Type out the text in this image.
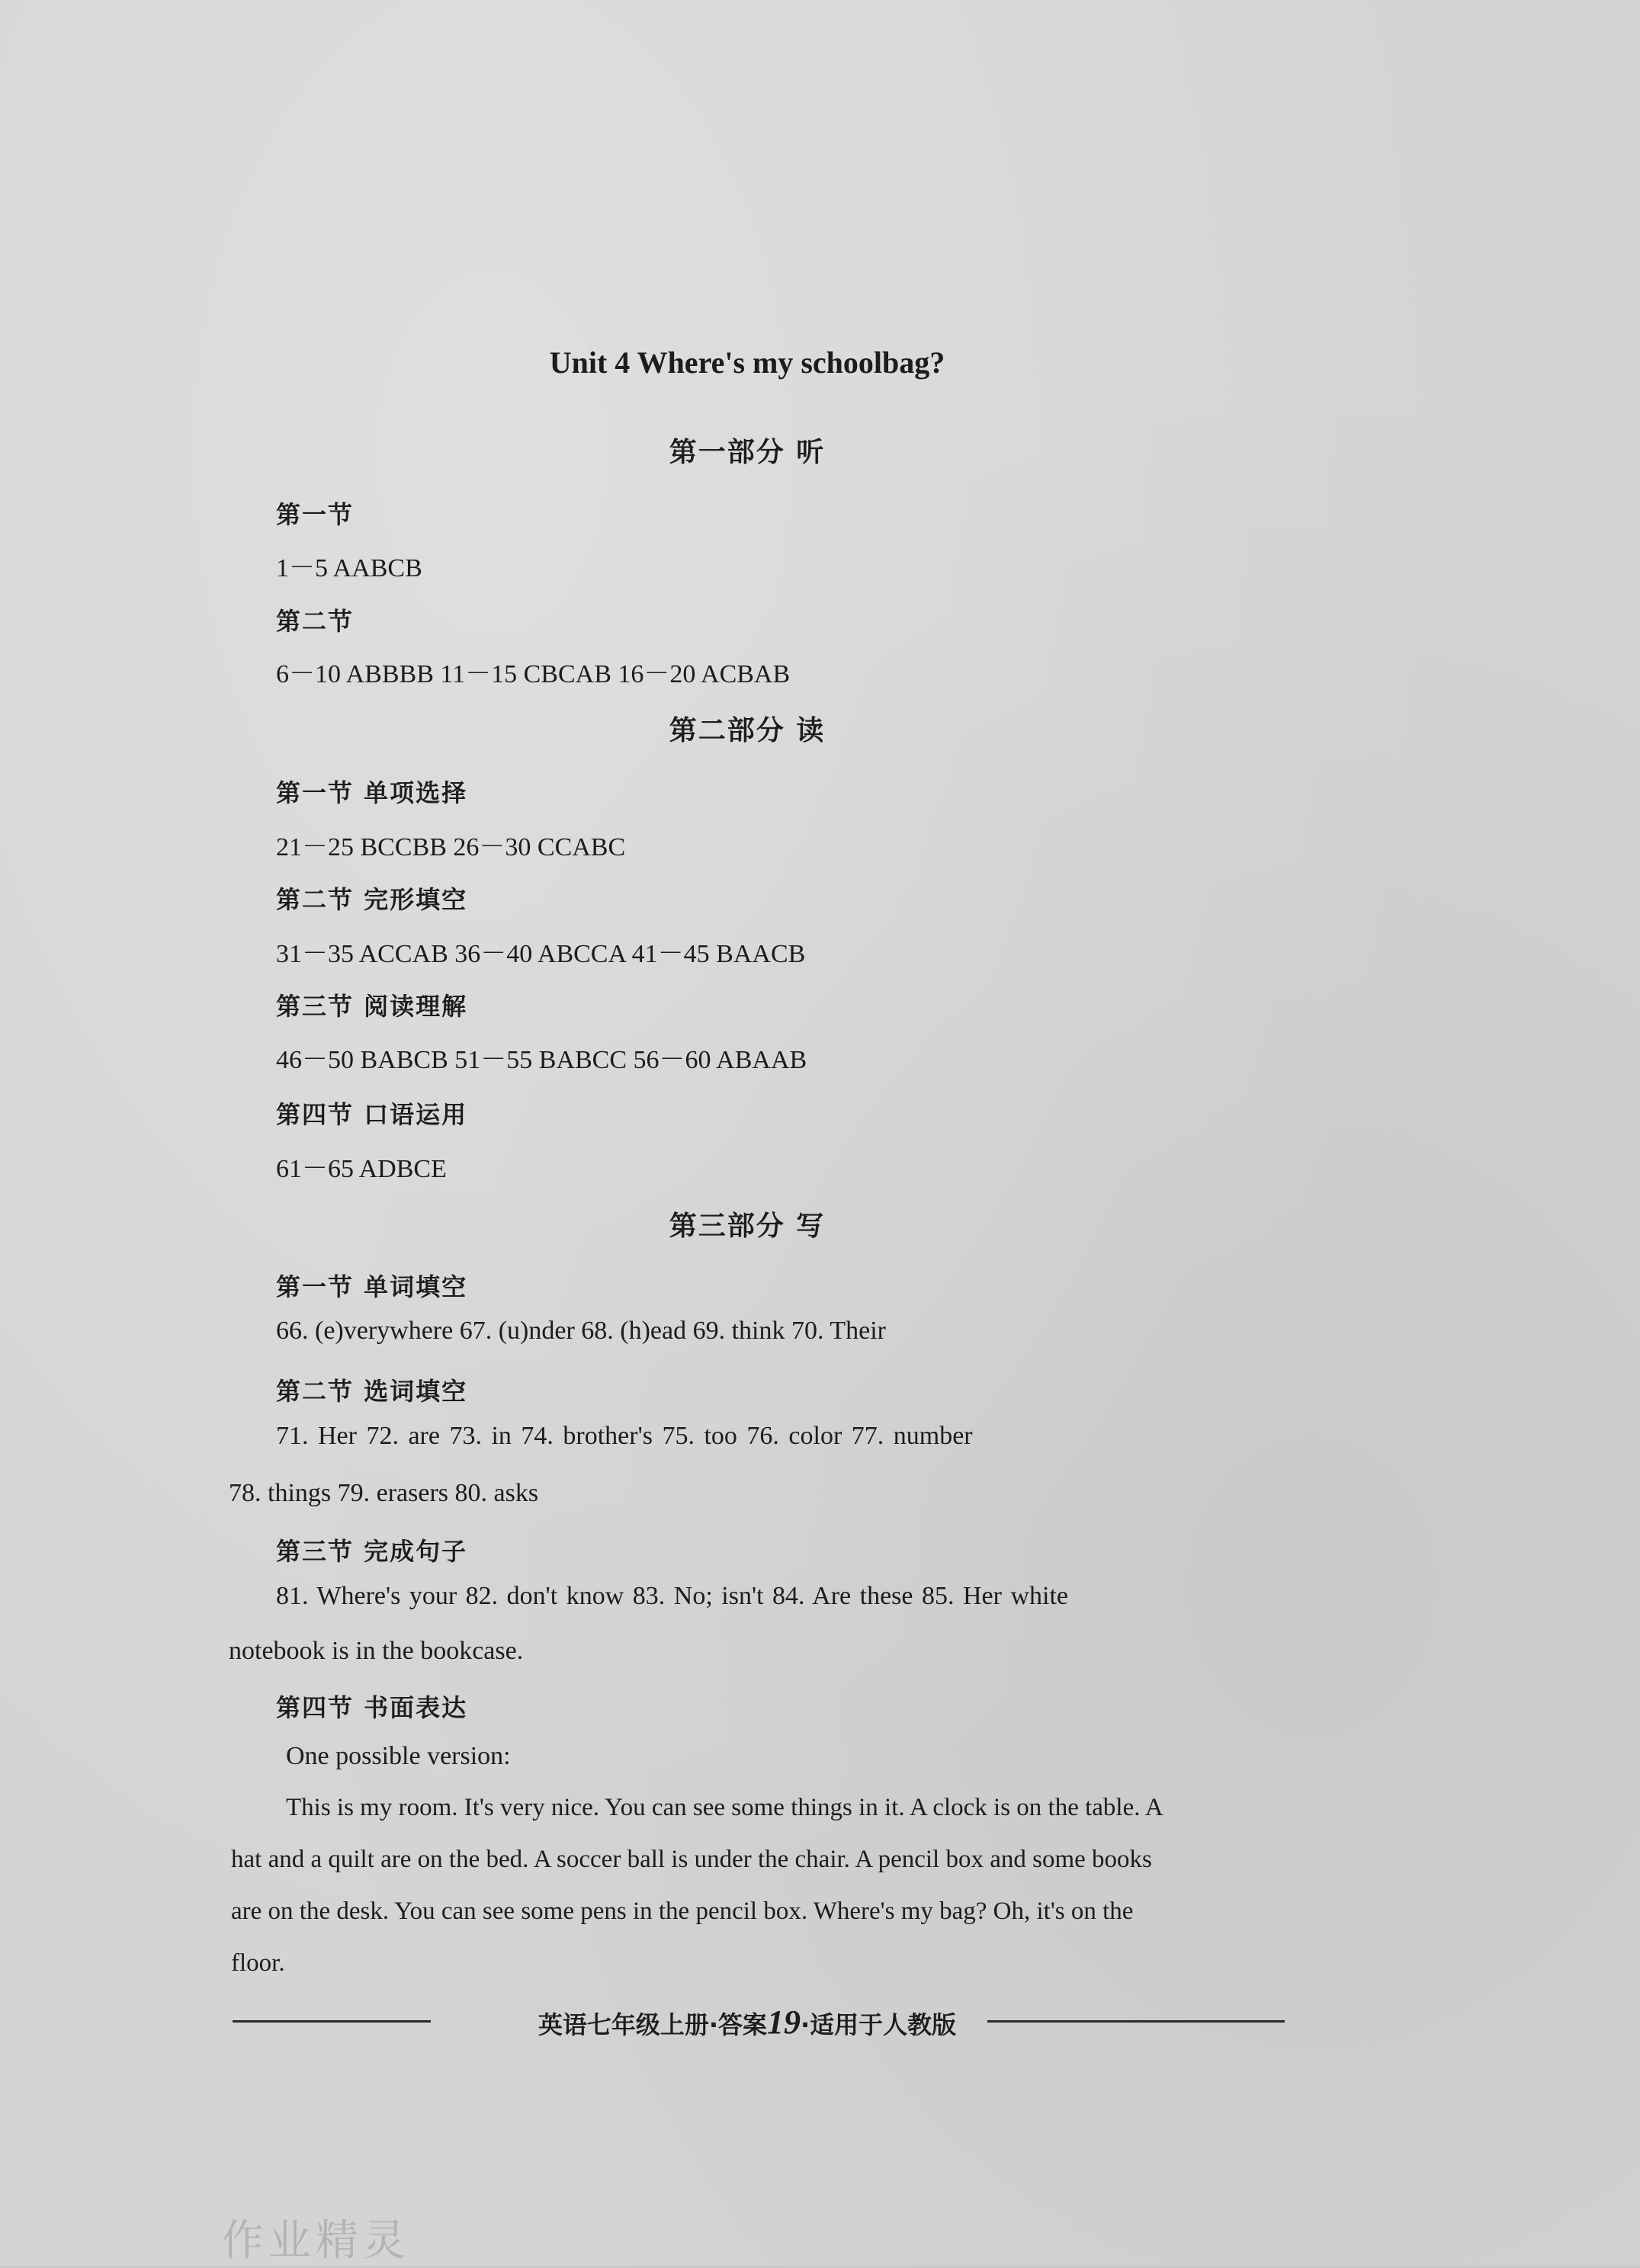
Unit 4 Where's my schoolbag?
第一部分 听
第一节
1－5 AABCB
第二节
6－10 ABBBB 11－15 CBCAB 16－20 ACBAB
第二部分 读
第一节 单项选择
21－25 BCCBB 26－30 CCABC
第二节 完形填空
31－35 ACCAB 36－40 ABCCA 41－45 BAACB
第三节 阅读理解
46－50 BABCB 51－55 BABCC 56－60 ABAAB
第四节 口语运用
61－65 ADBCE
第三部分 写
第一节 单词填空
66. (e)verywhere 67. (u)nder 68. (h)ead 69. think 70. Their
第二节 选词填空
71. Her 72. are 73. in 74. brother's 75. too 76. color 77. number
78. things 79. erasers 80. asks
第三节 完成句子
81. Where's your 82. don't know 83. No; isn't 84. Are these 85. Her white
notebook is in the bookcase.
第四节 书面表达
One possible version:
This is my room. It's very nice. You can see some things in it. A clock is on the table. A
hat and a quilt are on the bed. A soccer ball is under the chair. A pencil box and some books
are on the desk. You can see some pens in the pencil box. Where's my bag? Oh, it's on the
floor.
英语七年级上册·答案19·适用于人教版
作业精灵
